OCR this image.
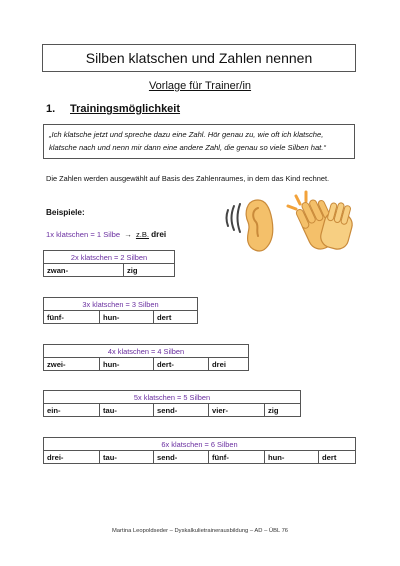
Silben klatschen und Zahlen nennen
Vorlage für Trainer/in
1. Trainingsmöglichkeit
„Ich klatsche jetzt und spreche dazu eine Zahl. Hör genau zu, wie oft ich klatsche, klatsche nach und nenn mir dann eine andere Zahl, die genau so viele Silben hat.“
Die Zahlen werden ausgewählt auf Basis des Zahlenraumes, in dem das Kind rechnet.
Beispiele:
1x klatschen = 1 Silbe → z.B. drei
2x klatschen = 2 Silben
zwan-	zig
3x klatschen = 3 Silben
fünf-	hun-	dert
4x klatschen = 4 Silben
zwei-	hun-	dert-	drei
5x klatschen = 5 Silben
ein-	tau-	send-	vier-	zig
6x klatschen = 6 Silben
drei-	tau-	send-	fünf-	hun-	dert
Martina Leopoldseder – Dyskalkulietrainerausbildung – AD – ÜBL 76
